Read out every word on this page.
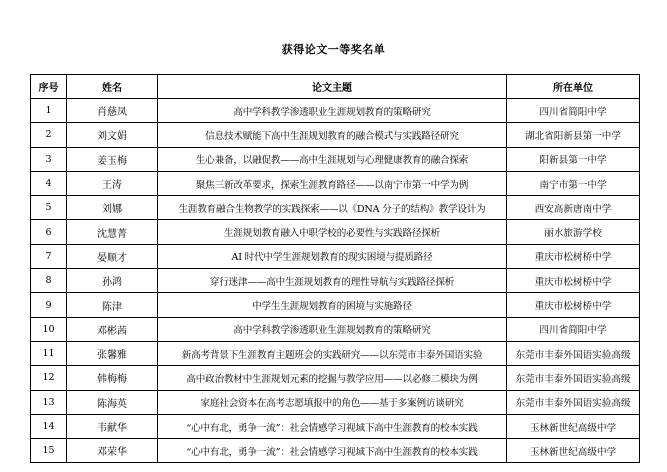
获得论文一等奖名单
序号	姓名	论文主题	所在单位
1	肖慈凤	高中学科教学渗透职业生涯规划教育的策略研究	四川省简阳中学
2	刘文娟	信息技术赋能下高中生涯规划教育的融合模式与实践路径研究	湖北省阳新县第一中学
3	姜玉梅	生心兼备，以融促教——高中生涯规划与心理健康教育的融合探索	阳新县第一中学
4	王涛	聚焦三新改革要求，探索生涯教育路径——以南宁市第一中学为例	南宁市第一中学
5	刘娜	生涯教育融合生物教学的实践探索——以《DNA 分子的结构》教学设计为	西安高新唐南中学
6	沈慧菁	生涯规划教育融入中职学校的必要性与实践路径探析	丽水旅游学校
7	晏顺才	AI 时代中学生涯规划教育的现实困境与提质路径	重庆市松树桥中学
8	孙鸿	穿行迷津——高中生涯规划教育的理性导航与实践路径探析	重庆市松树桥中学
9	陈津	中学生生涯规划教育的困境与实施路径	重庆市松树桥中学
10	邓彬茜	高中学科教学渗透职业生涯规划教育的策略研究	四川省简阳中学
11	张馨雅	新高考背景下生涯教育主题班会的实践研究——以东莞市丰泰外国语实验	东莞市丰泰外国语实验高级
12	韩梅梅	高中政治教材中生涯规划元素的挖掘与教学应用——以必修二模块为例	东莞市丰泰外国语实验高级
13	陈海英	家庭社会资本在高考志愿填报中的角色——基于多案例访谈研究	东莞市丰泰外国语实验高级
14	韦献华	“心中有北，勇争一流”：社会情感学习视域下高中生涯教育的校本实践	玉林新世纪高级中学
15	邓荣华	“心中有北，勇争一流”：社会情感学习视域下高中生涯教育的校本实践	玉林新世纪高级中学
